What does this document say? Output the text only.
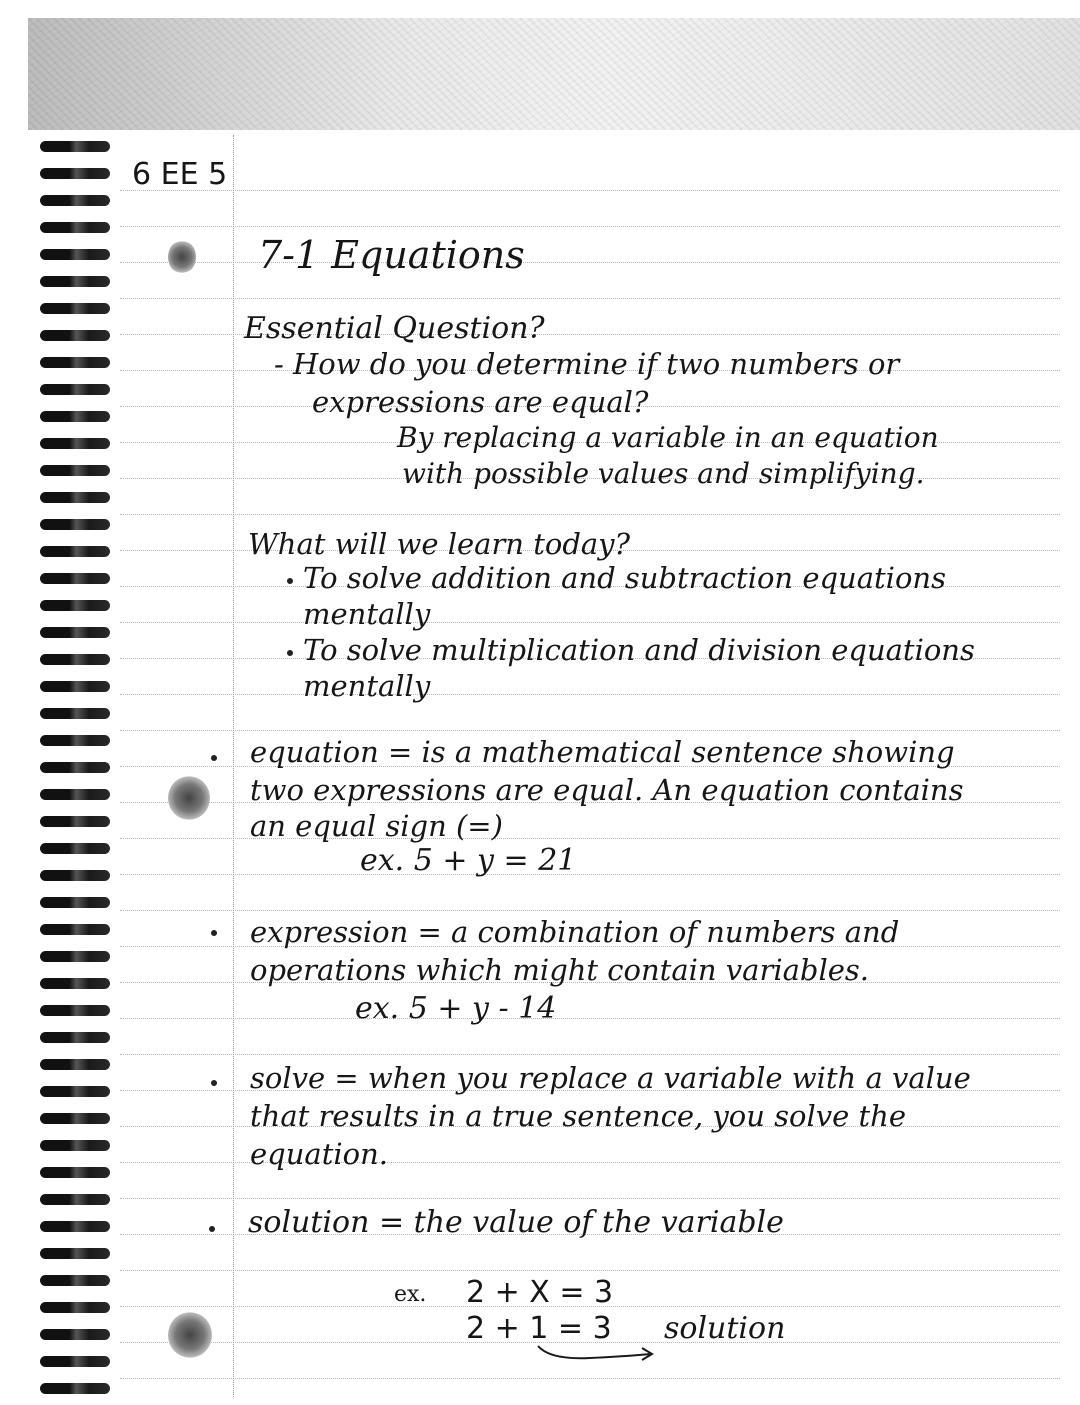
6 EE 5
7-1 Equations
Essential Question?
- How do you determine if two numbers or
expressions are equal?
By replacing a variable in an equation
with possible values and simplifying.
What will we learn today?
To solve addition and subtraction equations
mentally
To solve multiplication and division equations
mentally
equation = is a mathematical sentence showing
two expressions are equal. An equation contains
an equal sign (=)
ex. 5 + y = 21
expression = a combination of numbers and
operations which might contain variables.
ex. 5 + y - 14
solve = when you replace a variable with a value
that results in a true sentence, you solve the
equation.
solution = the value of the variable
ex. 2 + X = 3
2 + 1 = 3 solution
